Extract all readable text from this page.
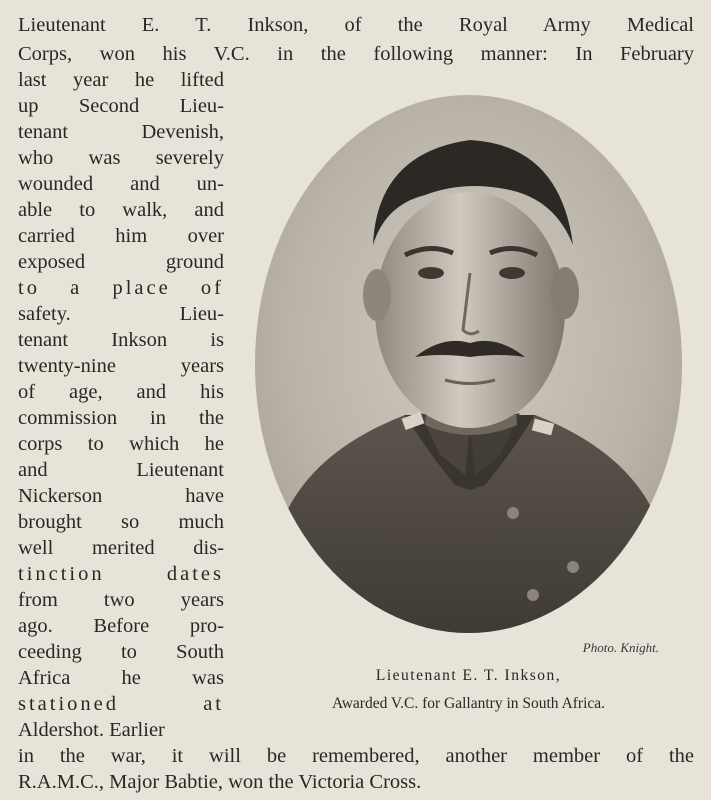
Lieutenant E. T. Inkson, of the Royal Army Medical
Corps, won his V.C. in the following manner: In February
last year he lifted
up Second Lieu-
tenant Devenish,
who was severely
wounded and un-
able to walk, and
carried him over
exposed ground
to a place of
safety. Lieu-
tenant Inkson is
twenty-nine years
of age, and his
commission in the
corps to which he
and Lieutenant
Nickerson have
brought so much
well merited dis-
tinction dates
from two years
ago. Before pro-
ceeding to South
Africa he was
stationed at
Aldershot. Earlier
in the war, it will be remembered, another member of the
R.A.M.C., Major Babtie, won the Victoria Cross.
Photo. Knight.
Lieutenant E. T. Inkson,
Awarded V.C. for Gallantry in South Africa.
